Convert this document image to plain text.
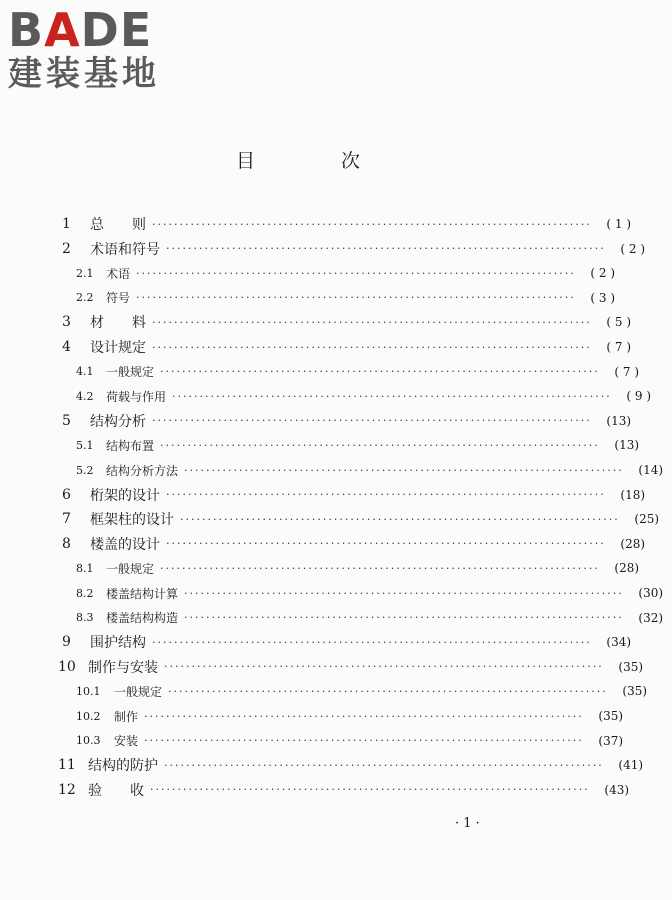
BADE
建装基地
目 次
1	总　　则 ················································································	( 1 )
2	术语和符号 ················································································	( 2 )
2.1	术语 ················································································	( 2 )
2.2	符号 ················································································	( 3 )
3	材　　料 ················································································	( 5 )
4	设计规定 ················································································	( 7 )
4.1	一般规定 ················································································	( 7 )
4.2	荷载与作用 ················································································	( 9 )
5	结构分析 ················································································	(13)
5.1	结构布置 ················································································	(13)
5.2	结构分析方法 ················································································	(14)
6	桁架的设计 ················································································	(18)
7	框架柱的设计 ················································································	(25)
8	楼盖的设计 ················································································	(28)
8.1	一般规定 ················································································	(28)
8.2	楼盖结构计算 ················································································	(30)
8.3	楼盖结构构造 ················································································	(32)
9	围护结构 ················································································	(34)
10 制作与安装 ················································································	(35)
10.1	一般规定 ················································································	(35)
10.2	制作 ················································································	(35)
10.3	安装 ················································································	(37)
11 结构的防护 ················································································	(41)
12 验　　收 ················································································	(43)
· 1 ·
